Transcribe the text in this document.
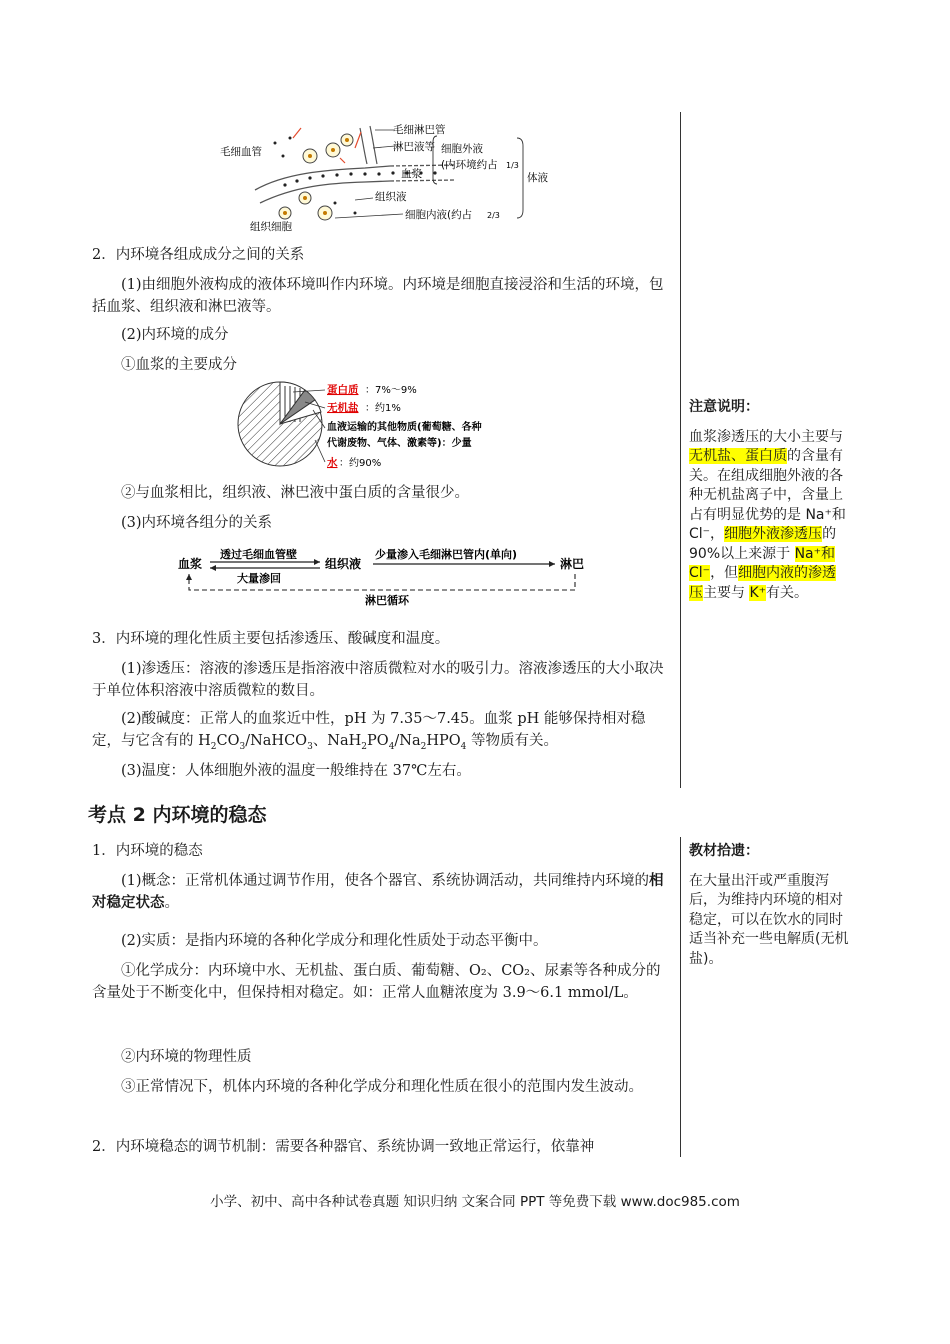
毛细血管
毛细淋巴管
淋巴液等
血浆
组织液
组织细胞
细胞外液
(内环境约占 1/3
细胞内液(约占 2/3
体液

2．内环境各组成成分之间的关系

(1)由细胞外液构成的液体环境叫作内环境。内环境是细胞直接浸浴和生活的环境，包括血浆、组织液和淋巴液等。

(2)内环境的成分

①血浆的主要成分

蛋白质 ：7%～9%
无机盐 ：约1%
血液运输的其他物质(葡萄糖、各种
代谢废物、气体、激素等)：少量
水 ：约90%

②与血浆相比，组织液、淋巴液中蛋白质的含量很少。

(3)内环境各组分的关系

血浆	组织液	淋巴
透过毛细血管壁
大量渗回
少量渗入毛细淋巴管内(单向)
淋巴循环

3．内环境的理化性质主要包括渗透压、酸碱度和温度。

(1)渗透压：溶液的渗透压是指溶液中溶质微粒对水的吸引力。溶液渗透压的大小取决于单位体积溶液中溶质微粒的数目。

(2)酸碱度：正常人的血浆近中性，pH 为 7.35～7.45。血浆 pH 能够保持相对稳定，与它含有的 $H_2CO_3/NaHCO_3$、$NaH_2PO_4/Na_2HPO_4$ 等物质有关。

(3)温度：人体细胞外液的温度一般维持在 37℃左右。

考点 2 内环境的稳态

1．内环境的稳态

(1)概念：正常机体通过调节作用，使各个器官、系统协调活动，共同维持内环境的相对稳定状态。

(2)实质：是指内环境的各种化学成分和理化性质处于动态平衡中。

①化学成分：内环境中水、无机盐、蛋白质、葡萄糖、O₂、CO₂、尿素等各种成分的含量处于不断变化中，但保持相对稳定。如：正常人血糖浓度为 3.9～6.1 mmol/L。

②内环境的物理性质

③正常情况下，机体内环境的各种化学成分和理化性质在很小的范围内发生波动。

2．内环境稳态的调节机制：需要各种器官、系统协调一致地正常运行，依靠神

注意说明：
血浆渗透压的大小主要与无机盐、蛋白质的含量有关。在组成细胞外液的各种无机盐离子中，含量上占有明显优势的是 Na⁺和 Cl⁻，细胞外液渗透压的 90%以上来源于 Na⁺和 Cl⁻，但细胞内液的渗透压主要与 K⁺有关。
教材拾遗：
在大量出汗或严重腹泻后，为维持内环境的相对稳定，可以在饮水的同时适当补充一些电解质(无机盐)。
小学、初中、高中各种试卷真题 知识归纳 文案合同 PPT 等免费下载 www.doc985.com
